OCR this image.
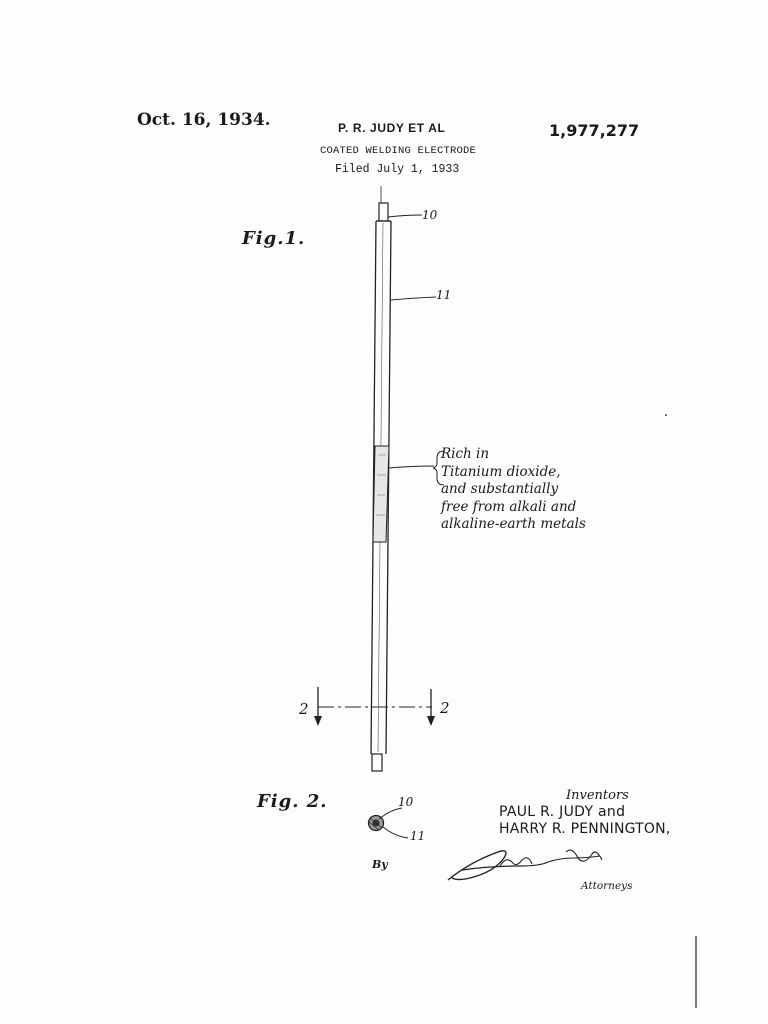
Oct. 16, 1934.	P. R. JUDY ET AL	1,977,277
COATED WELDING ELECTRODE
Filed July 1, 1933
Fig.1.
Fig. 2.
10
11
10
11
2	2
Rich in
Titanium dioxide,
and substantially
free from alkali and
alkaline-earth metals
Inventors
PAUL R. JUDY and
HARRY R. PENNINGTON,
By
Attorneys
